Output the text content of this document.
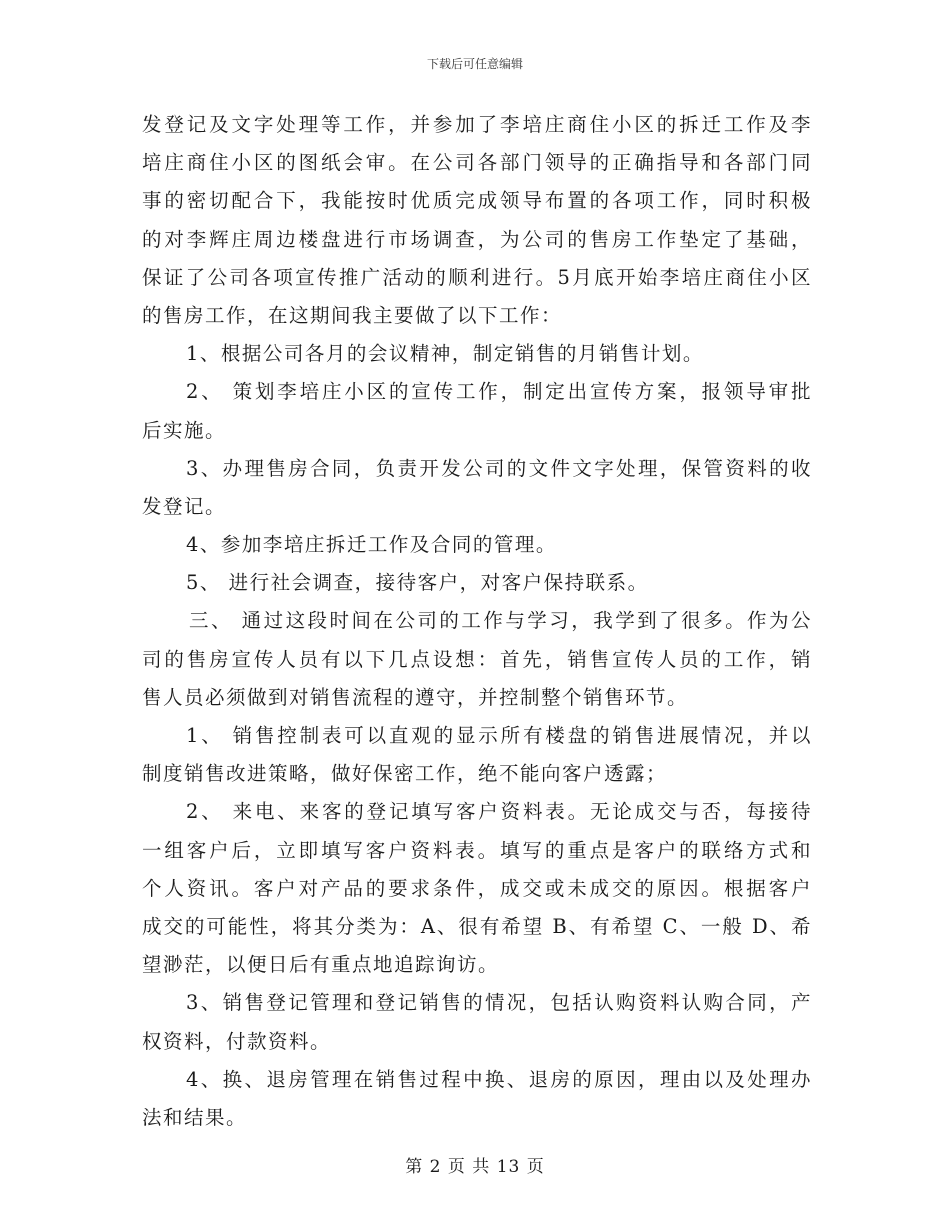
下载后可任意编辑
发登记及文字处理等工作，并参加了李培庄商住小区的拆迁工作及李
培庄商住小区的图纸会审。在公司各部门领导的正确指导和各部门同
事的密切配合下，我能按时优质完成领导布置的各项工作，同时积极
的对李辉庄周边楼盘进行市场调查，为公司的售房工作垫定了基础，
保证了公司各项宣传推广活动的顺利进行。5月底开始李培庄商住小区
的售房工作，在这期间我主要做了以下工作：
1、根据公司各月的会议精神，制定销售的月销售计划。
2、 策划李培庄小区的宣传工作，制定出宣传方案，报领导审批
后实施。
3、办理售房合同，负责开发公司的文件文字处理，保管资料的收
发登记。
4、参加李培庄拆迁工作及合同的管理。
5、 进行社会调查，接待客户，对客户保持联系。
三、 通过这段时间在公司的工作与学习，我学到了很多。作为公
司的售房宣传人员有以下几点设想：首先，销售宣传人员的工作，销
售人员必须做到对销售流程的遵守，并控制整个销售环节。
1、 销售控制表可以直观的显示所有楼盘的销售进展情况，并以
制度销售改进策略，做好保密工作，绝不能向客户透露；
2、 来电、来客的登记填写客户资料表。无论成交与否，每接待
一组客户后，立即填写客户资料表。填写的重点是客户的联络方式和
个人资讯。客户对产品的要求条件，成交或未成交的原因。根据客户
成交的可能性，将其分类为：A、很有希望 B、有希望 C、一般 D、希
望渺茫，以便日后有重点地追踪询访。
3、销售登记管理和登记销售的情况，包括认购资料认购合同，产
权资料，付款资料。
4、换、退房管理在销售过程中换、退房的原因，理由以及处理办
法和结果。
第 2 页 共 13 页
